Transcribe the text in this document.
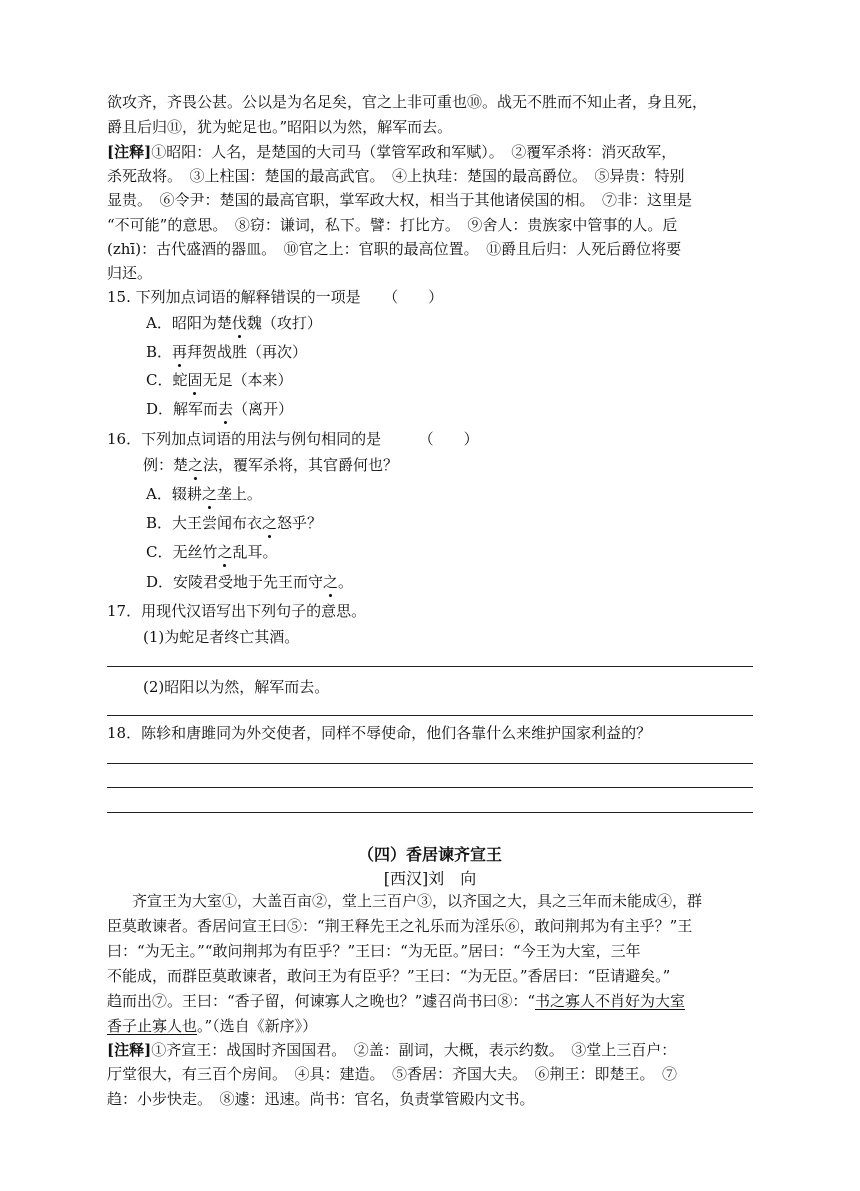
欲攻齐，齐畏公甚。公以是为名足矣，官之上非可重也⑩。战无不胜而不知止者，身且死，
爵且后归⑪，犹为蛇足也。”昭阳以为然，解军而去。
[注释]①昭阳：人名，是楚国的大司马（掌管军政和军赋）。　②覆军杀将：消灭敌军，
杀死敌将。　③上柱国：楚国的最高武官。　④上执珪：楚国的最高爵位。　⑤异贵：特别
显贵。　⑥令尹：楚国的最高官职，掌军政大权，相当于其他诸侯国的相。　⑦非：这里是
“不可能”的意思。　⑧窃：谦词，私下。譬：打比方。　⑨舍人：贵族家中管事的人。卮
(zhī)：古代盛酒的器皿。　⑩官之上：官职的最高位置。　⑪爵且后归：人死后爵位将要
归还。
15. 下列加点词语的解释错误的一项是　　（　　）
A．昭阳为楚伐魏（攻打）
B．再拜贺战胜（再次）
C．蛇固无足（本来）
D．解军而去（离开）
16．下列加点词语的用法与例句相同的是　　　（　　）
例：楚之法，覆军杀将，其官爵何也？
A．辍耕之垄上。
B．大王尝闻布衣之怒乎？
C．无丝竹之乱耳。
D．安陵君受地于先王而守之。
17．用现代汉语写出下列句子的意思。
(1)为蛇足者终亡其酒。
(2)昭阳以为然，解军而去。
18．陈轸和唐雎同为外交使者，同样不辱使命，他们各靠什么来维护国家利益的？
（四）香居谏齐宣王
[西汉]刘　向
齐宣王为大室①，大盖百亩②，堂上三百户③，以齐国之大，具之三年而未能成④，群
臣莫敢谏者。香居问宣王曰⑤：“荆王释先王之礼乐而为淫乐⑥，敢问荆邦为有主乎？”王
曰：“为无主。”“敢问荆邦为有臣乎？”王曰：“为无臣。”居曰：“今王为大室，三年
不能成，而群臣莫敢谏者，敢问王为有臣乎？”王曰：“为无臣。”香居曰：“臣请避矣。”
趋而出⑦。王曰：“香子留，何谏寡人之晚也？”遽召尚书曰⑧：“书之寡人不肖好为大室
香子止寡人也。”（选自《新序》）
[注释]①齐宣王：战国时齐国国君。　②盖：副词，大概，表示约数。　③堂上三百户：
厅堂很大，有三百个房间。　④具：建造。　⑤香居：齐国大夫。　⑥荆王：即楚王。　⑦
趋：小步快走。　⑧遽：迅速。尚书：官名，负责掌管殿内文书。
